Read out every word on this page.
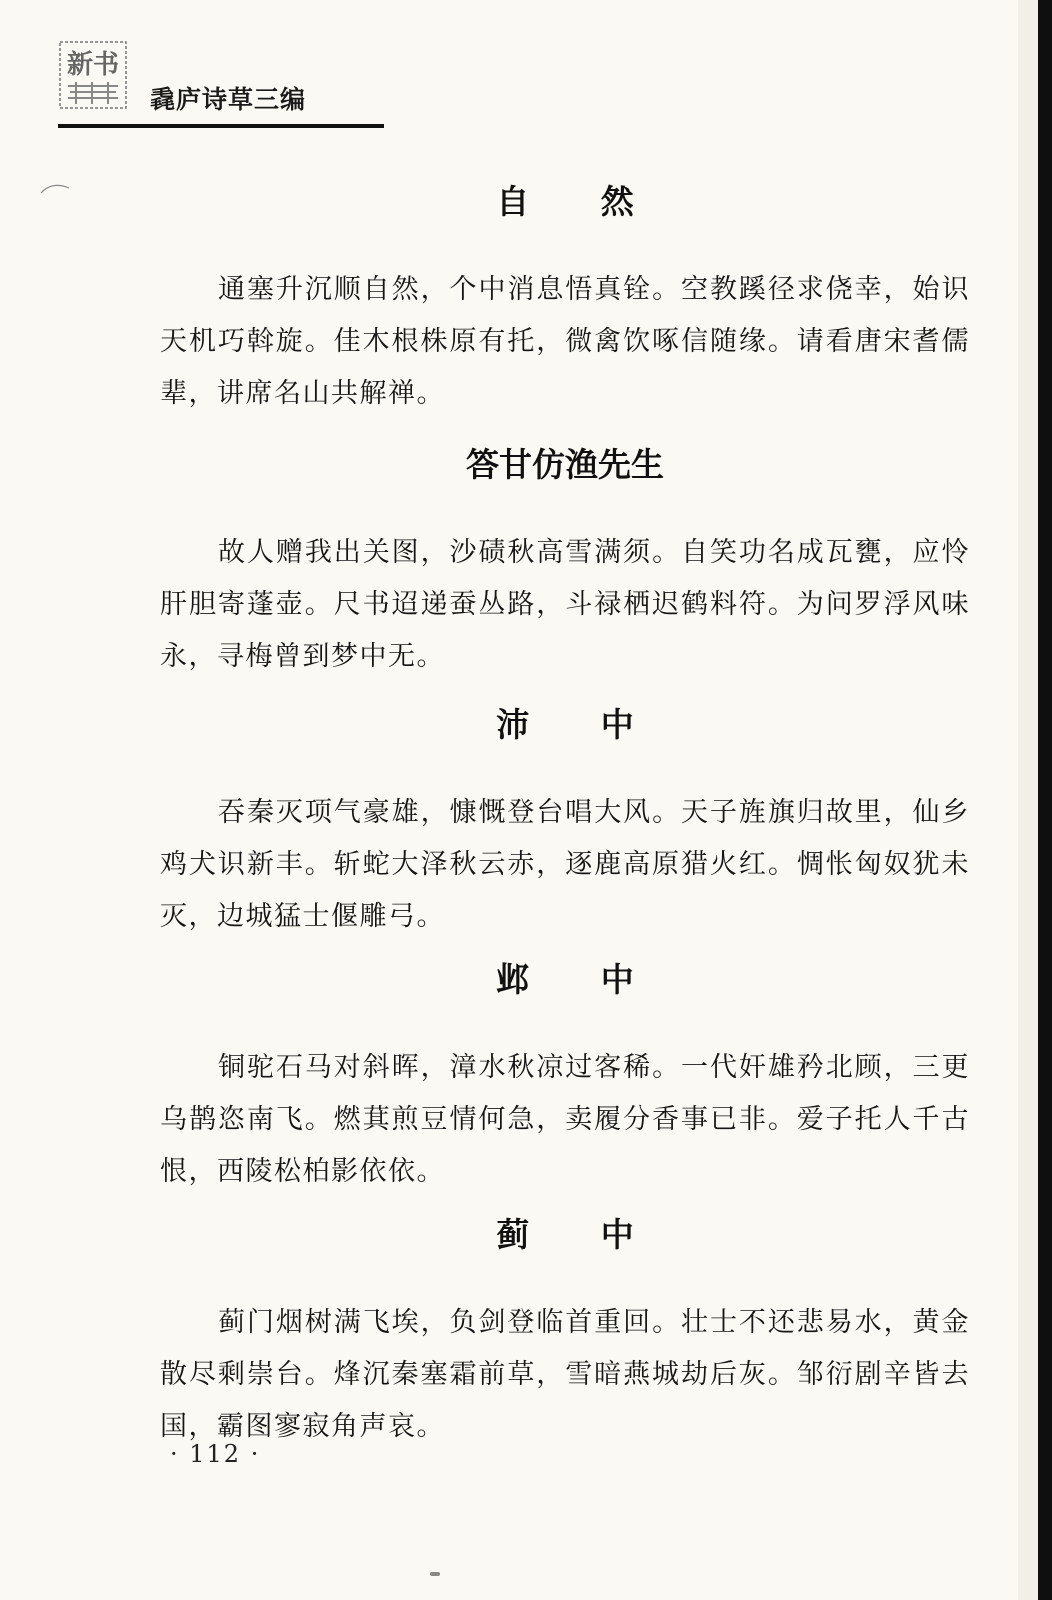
新书
毳庐诗草三编
自 然
通塞升沉顺自然，个中消息悟真铨。空教蹊径求侥幸，始识天机巧斡旋。佳木根株原有托，微禽饮啄信随缘。请看唐宋耆儒辈，讲席名山共解禅。
答甘仿渔先生
故人赠我出关图，沙碛秋高雪满须。自笑功名成瓦甕，应怜肝胆寄蓬壶。尺书迢递蚕丛路，斗禄栖迟鹤料符。为问罗浮风味永，寻梅曾到梦中无。
沛 中
吞秦灭项气豪雄，慷慨登台唱大风。天子旌旗归故里，仙乡鸡犬识新丰。斩蛇大泽秋云赤，逐鹿高原猎火红。惆怅匈奴犹未灭，边城猛士偃雕弓。
邺 中
铜驼石马对斜晖，漳水秋凉过客稀。一代奸雄矜北顾，三更乌鹊恣南飞。燃萁煎豆情何急，卖履分香事已非。爱子托人千古恨，西陵松柏影依依。
蓟 中
蓟门烟树满飞埃，负剑登临首重回。壮士不还悲易水，黄金散尽剩崇台。烽沉秦塞霜前草，雪暗燕城劫后灰。邹衍剧辛皆去国，霸图寥寂角声哀。
· 112 ·
